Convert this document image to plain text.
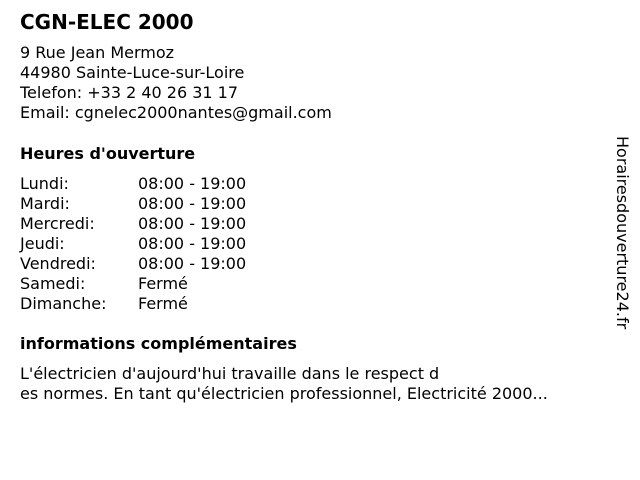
CGN-ELEC 2000
9 Rue Jean Mermoz
44980 Sainte-Luce-sur-Loire
Telefon: +33 2 40 26 31 17
Email: cgnelec2000nantes@gmail.com
Heures d'ouverture
Lundi:	08:00 - 19:00
Mardi:	08:00 - 19:00
Mercredi:	08:00 - 19:00
Jeudi:	08:00 - 19:00
Vendredi:	08:00 - 19:00
Samedi:	Fermé
Dimanche:	Fermé
informations complémentaires
L'électricien d'aujourd'hui travaille dans le respect d
es normes. En tant qu'électricien professionnel, Electricité 2000...
Horairesdouverture24.fr
